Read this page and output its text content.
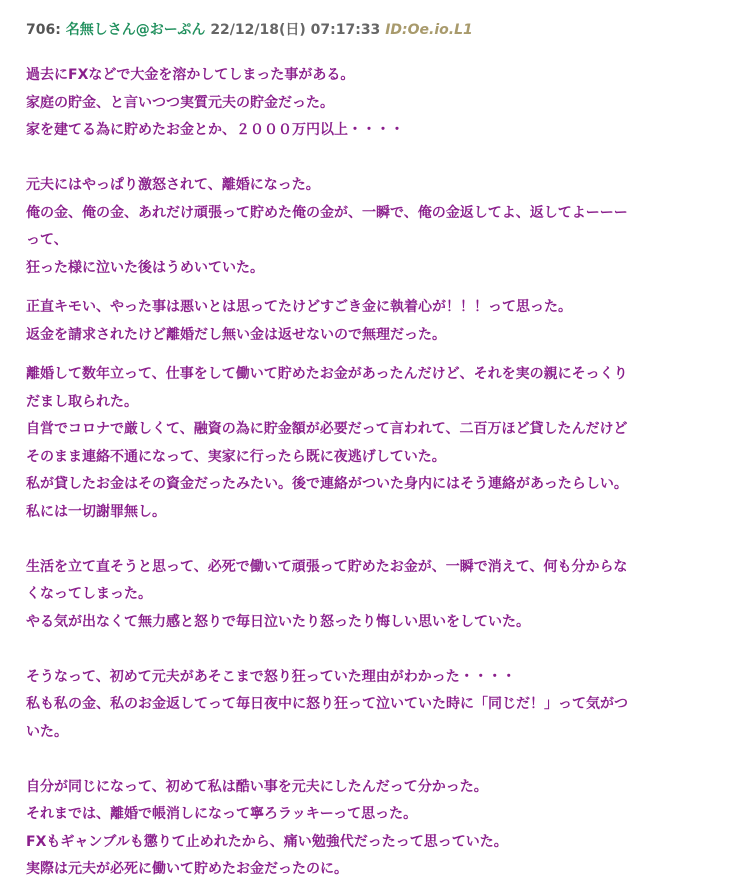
706: 名無しさん@おーぷん 22/12/18(日) 07:17:33 ID:Oe.io.L1
過去にFXなどで大金を溶かしてしまった事がある。
家庭の貯金、と言いつつ実質元夫の貯金だった。
家を建てる為に貯めたお金とか、２０００万円以上・・・・
元夫にはやっぱり激怒されて、離婚になった。
俺の金、俺の金、あれだけ頑張って貯めた俺の金が、一瞬で、俺の金返してよ、返してよーーー
って、
狂った様に泣いた後はうめいていた。
正直キモい、やった事は悪いとは思ってたけどすごき金に執着心が！！！って思った。
返金を請求されたけど離婚だし無い金は返せないので無理だった。
離婚して数年立って、仕事をして働いて貯めたお金があったんだけど、それを実の親にそっくり
だまし取られた。
自営でコロナで厳しくて、融資の為に貯金額が必要だって言われて、二百万ほど貸したんだけど
そのまま連絡不通になって、実家に行ったら既に夜逃げしていた。
私が貸したお金はその資金だったみたい。後で連絡がついた身内にはそう連絡があったらしい。
私には一切謝罪無し。
生活を立て直そうと思って、必死で働いて頑張って貯めたお金が、一瞬で消えて、何も分からな
くなってしまった。
やる気が出なくて無力感と怒りで毎日泣いたり怒ったり悔しい思いをしていた。
そうなって、初めて元夫があそこまで怒り狂っていた理由がわかった・・・・
私も私の金、私のお金返してって毎日夜中に怒り狂って泣いていた時に「同じだ！」って気がつ
いた。
自分が同じになって、初めて私は酷い事を元夫にしたんだって分かった。
それまでは、離婚で帳消しになって寧ろラッキーって思った。
FXもギャンブルも懲りて止めれたから、痛い勉強代だったって思っていた。
実際は元夫が必死に働いて貯めたお金だったのに。
